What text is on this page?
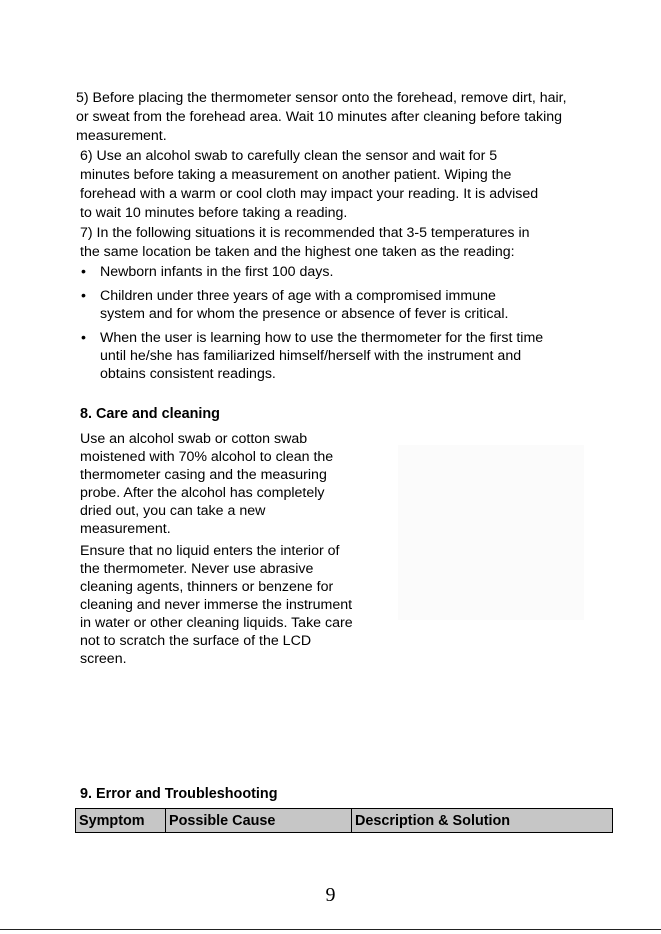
5) Before placing the thermometer sensor onto the forehead, remove dirt, hair,
or sweat from the forehead area. Wait 10 minutes after cleaning before taking
measurement.

6) Use an alcohol swab to carefully clean the sensor and wait for 5
minutes before taking a measurement on another patient. Wiping the
forehead with a warm or cool cloth may impact your reading. It is advised
to wait 10 minutes before taking a reading.

7) In the following situations it is recommended that 3-5 temperatures in
the same location be taken and the highest one taken as the reading:

• Newborn infants in the first 100 days.
• Children under three years of age with a compromised immune
system and for whom the presence or absence of fever is critical.
• When the user is learning how to use the thermometer for the first time
until he/she has familiarized himself/herself with the instrument and
obtains consistent readings.
8. Care and cleaning

Use an alcohol swab or cotton swab
moistened with 70% alcohol to clean the
thermometer casing and the measuring
probe. After the alcohol has completely
dried out, you can take a new
measurement.

Ensure that no liquid enters the interior of
the thermometer. Never use abrasive
cleaning agents, thinners or benzene for
cleaning and never immerse the instrument
in water or other cleaning liquids. Take care
not to scratch the surface of the LCD
screen.

9. Error and Troubleshooting
Symptom	Possible Cause	Description & Solution
9
